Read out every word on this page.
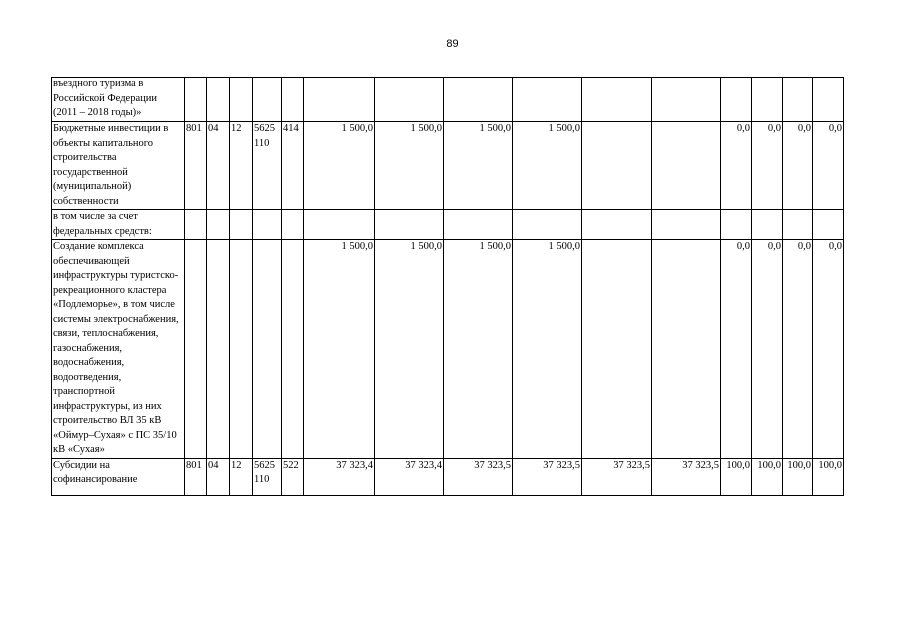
89
въездного туризма в Российской Федерации (2011 – 2018 годы)»															

Бюджетные инвестиции в объекты капитального строительства государственной (муниципальной) собственности	801	04	12	5625 110	414	1 500,0	1 500,0	1 500,0	1 500,0			0,0	0,0	0,0	0,0
в том числе за счет федеральных средств:															
Создание комплекса обеспечивающей инфраструктуры туристско-рекреационного кластера «Подлеморье», в том числе системы электроснабжения, связи, теплоснабжения, газоснабжения, водоснабжения, водоотведения, транспортной инфраструктуры, из них строительство ВЛ 35 кВ «Оймур–Сухая» с ПС 35/10 кВ «Сухая»						1 500,0	1 500,0	1 500,0	1 500,0			0,0	0,0	0,0	0,0
Субсидии на софинансирование	801	04	12	5625 110	522	37 323,4	37 323,4	37 323,5	37 323,5	37 323,5	37 323,5	100,0	100,0	100,0	100,0
